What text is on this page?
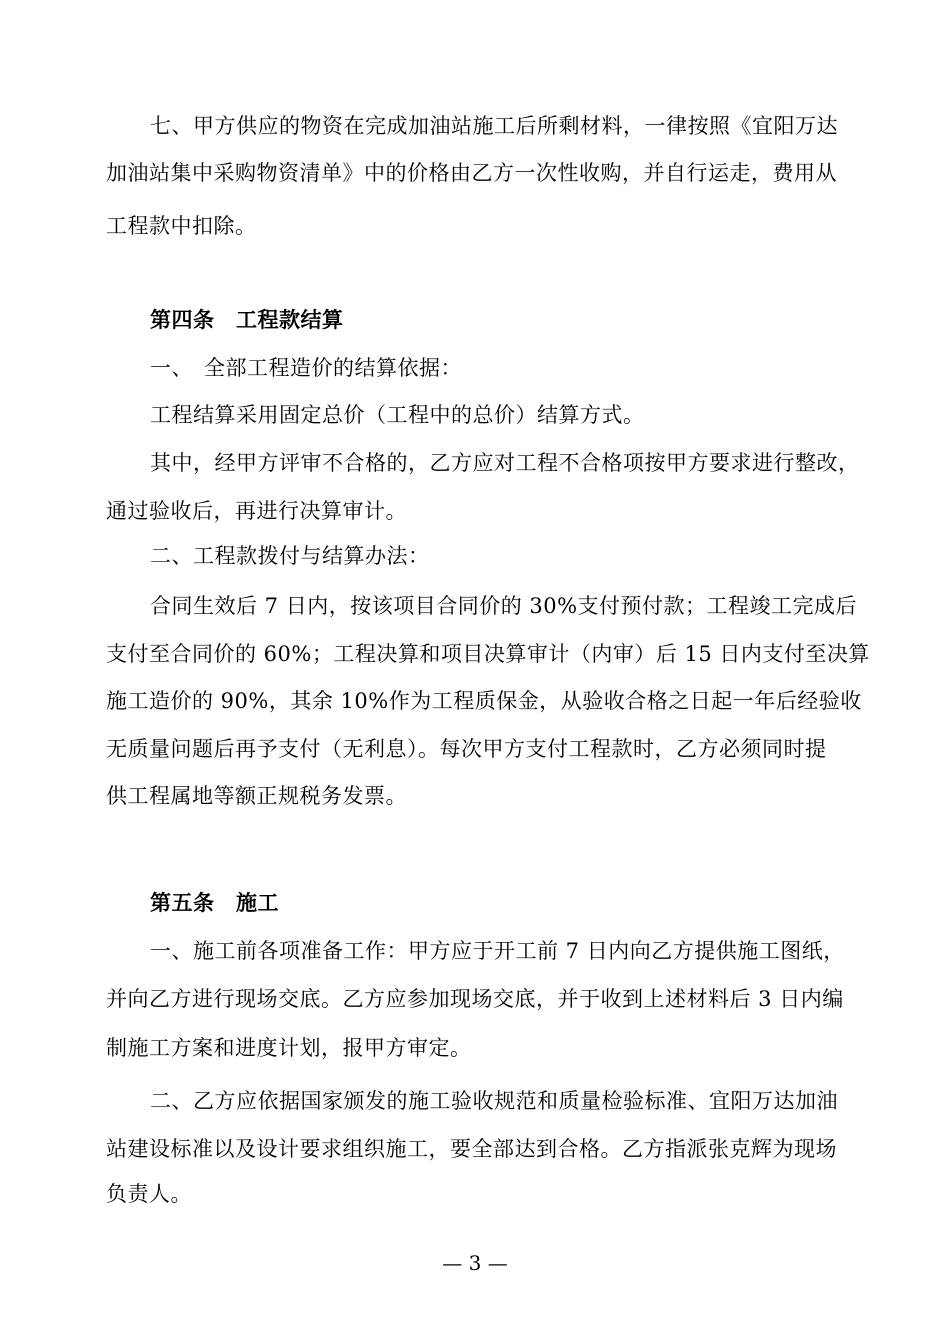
七、甲方供应的物资在完成加油站施工后所剩材料，一律按照《宜阳万达
加油站集中采购物资清单》中的价格由乙方一次性收购，并自行运走，费用从
工程款中扣除。
第四条　工程款结算
一、　全部工程造价的结算依据：
工程结算采用固定总价（工程中的总价）结算方式。
其中，经甲方评审不合格的，乙方应对工程不合格项按甲方要求进行整改，
通过验收后，再进行决算审计。
二、工程款拨付与结算办法：
合同生效后 7 日内，按该项目合同价的 30%支付预付款；工程竣工完成后
支付至合同价的 60%；工程决算和项目决算审计（内审）后 15 日内支付至决算
施工造价的 90%，其余 10%作为工程质保金，从验收合格之日起一年后经验收
无质量问题后再予支付（无利息）。每次甲方支付工程款时，乙方必须同时提
供工程属地等额正规税务发票。
第五条　施工
一、施工前各项准备工作：甲方应于开工前 7 日内向乙方提供施工图纸，
并向乙方进行现场交底。乙方应参加现场交底，并于收到上述材料后 3 日内编
制施工方案和进度计划，报甲方审定。
二、乙方应依据国家颁发的施工验收规范和质量检验标准、宜阳万达加油
站建设标准以及设计要求组织施工，要全部达到合格。乙方指派张克辉为现场
负责人。
— 3 —
